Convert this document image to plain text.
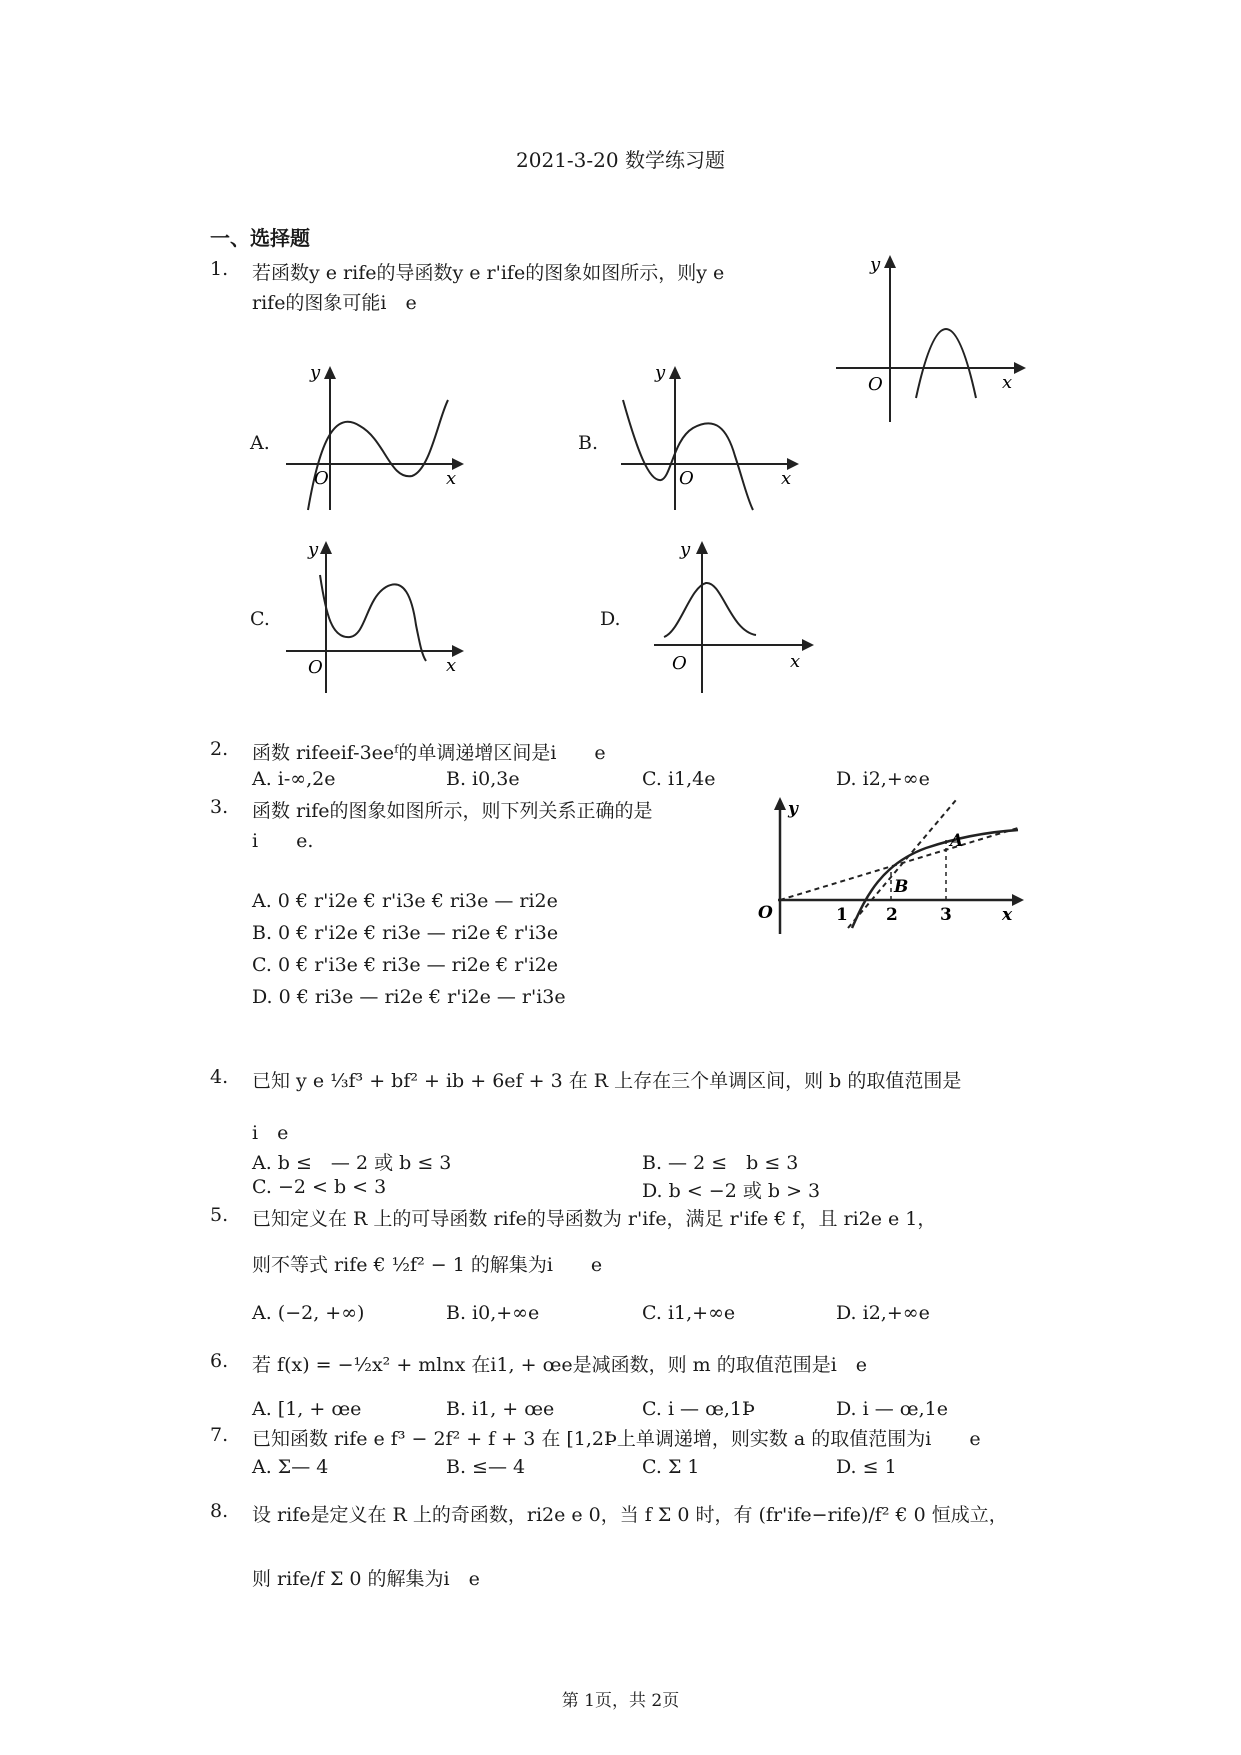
2021-3-20 数学练习题
一、选择题
1. 若函数y e rife的导函数y e r'ife的图象如图所示，则y e
rife的图象可能i　e
y
O	x
A.
y
O	x
B.
y
O	x
C.
y
O	x
D.
y
O	x
2. 函数 rifeeif-3eeᶠ的单调递增区间是i　　e
A. i-∞,2e	B. i0,3e	C. i1,4e	D. i2,+∞e
3. 函数 rife的图象如图所示，则下列关系正确的是
i　　e.
A. 0 € r'i2e € r'i3e € ri3e — ri2e
B. 0 € r'i2e € ri3e — ri2e € r'i3e
C. 0 € r'i3e € ri3e — ri2e € r'i2e
D. 0 € ri3e — ri2e € r'i2e — r'i3e
y
O	1 2 3	x
A
B
4. 已知 y e ⅓f³ + bf² + ib + 6ef + 3 在 R 上存在三个单调区间，则 b 的取值范围是
i　e
A. b ≤　— 2 或 b ≤ 3	B. — 2 ≤　b ≤ 3
C. −2 < b < 3	D. b < −2 或 b > 3
5. 已知定义在 R 上的可导函数 rife的导函数为 r'ife，满足 r'ife € f，且 ri2e e 1，
则不等式 rife € ½f² − 1 的解集为i　　e
A. (−2, +∞)	B. i0,+∞e	C. i1,+∞e	D. i2,+∞e
6. 若 f(x) = −½x² + mlnx 在i1, + œe是减函数，则 m 的取值范围是i　e
A. [1, + œe	B. i1, + œe	C. i — œ,1Þ	D. i — œ,1e
7. 已知函数 rife e f³ − 2f² + f + 3 在 [1,2Þ上单调递增，则实数 a 的取值范围为i　　e
A. Σ— 4	B. ≤— 4	C. Σ 1	D. ≤ 1
8. 设 rife是定义在 R 上的奇函数，ri2e e 0，当 f Σ 0 时，有 (fr'ife−rife)/f² € 0 恒成立，
则 rife/f Σ 0 的解集为i　e
第 1页，共 2页
